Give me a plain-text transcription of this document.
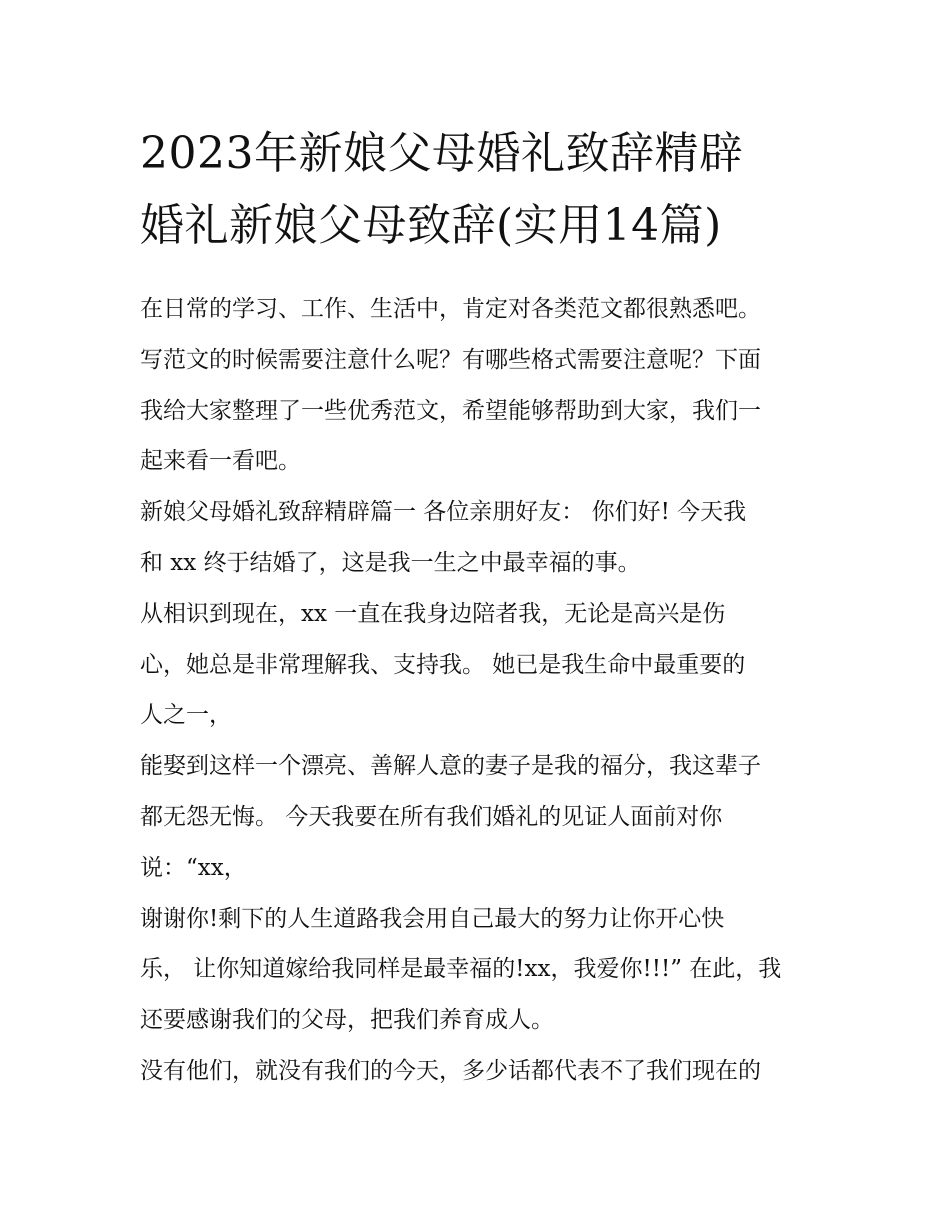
2023年新娘父母婚礼致辞精辟
婚礼新娘父母致辞(实用14篇)
在日常的学习、工作、生活中，肯定对各类范文都很熟悉吧。
写范文的时候需要注意什么呢？有哪些格式需要注意呢？下面
我给大家整理了一些优秀范文，希望能够帮助到大家，我们一
起来看一看吧。
新娘父母婚礼致辞精辟篇一 各位亲朋好友： 你们好! 今天我
和 xx 终于结婚了，这是我一生之中最幸福的事。
从相识到现在，xx 一直在我身边陪者我，无论是高兴是伤
心，她总是非常理解我、支持我。 她已是我生命中最重要的
人之一，
能娶到这样一个漂亮、善解人意的妻子是我的福分，我这辈子
都无怨无悔。 今天我要在所有我们婚礼的见证人面前对你
说：“xx，
谢谢你!剩下的人生道路我会用自己最大的努力让你开心快
乐， 让你知道嫁给我同样是最幸福的!xx，我爱你!!!” 在此，我
还要感谢我们的父母，把我们养育成人。
没有他们，就没有我们的今天，多少话都代表不了我们现在的
